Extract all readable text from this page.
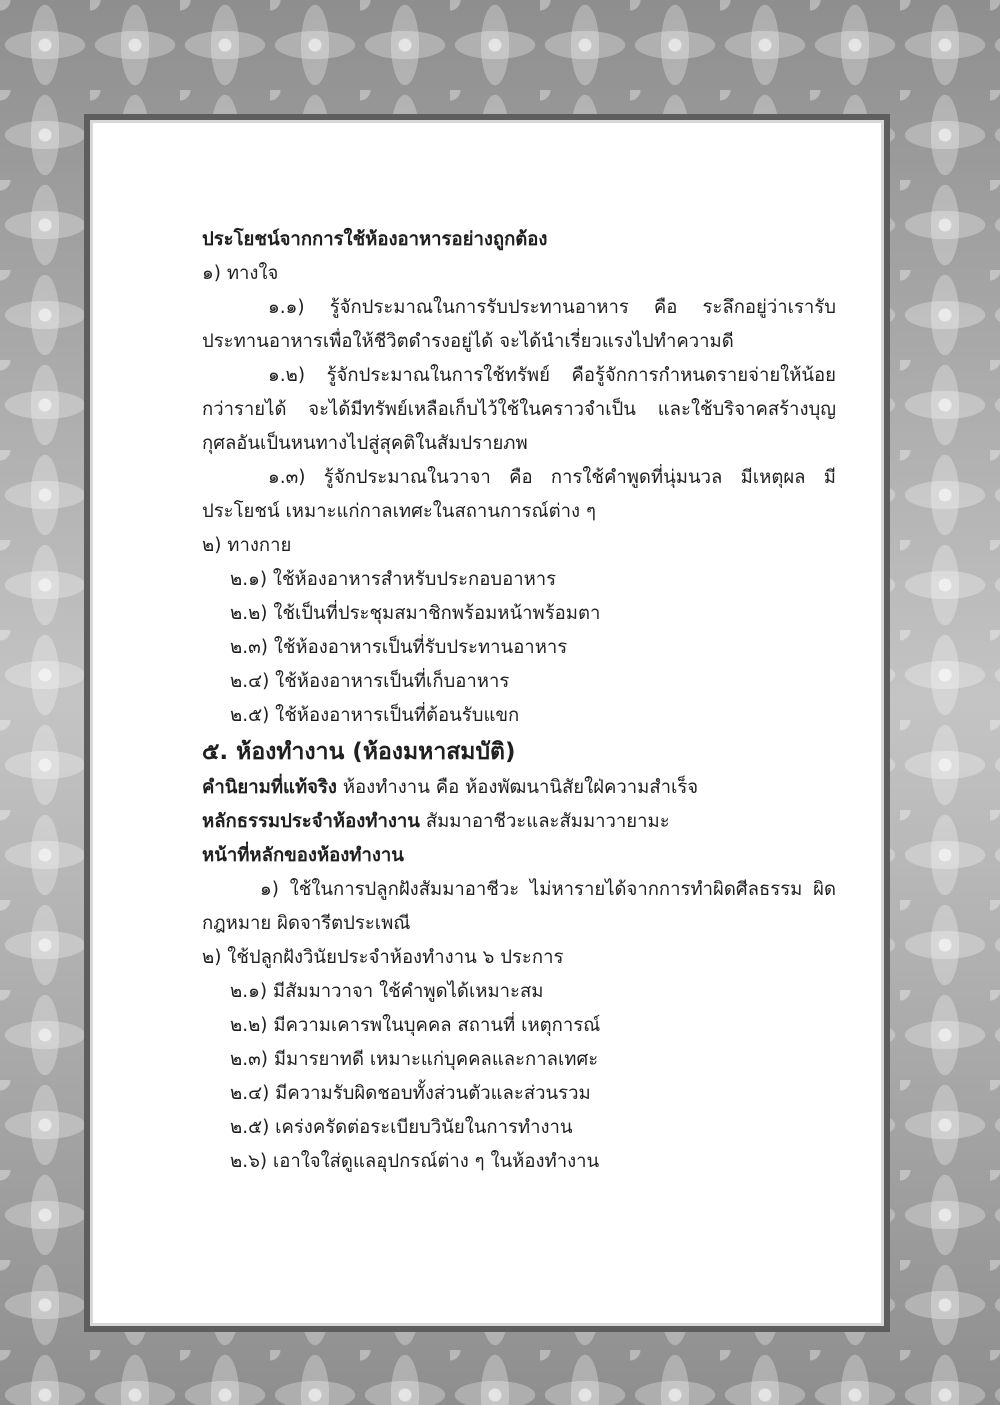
ประโยชน์จากการใช้ห้องอาหารอย่างถูกต้อง

๑) ทางใจ

๑.๑) รู้จักประมาณในการรับประทานอาหาร คือ ระลึกอยู่ว่าเรารับประทานอาหารเพื่อให้ชีวิตดำรงอยู่ได้ จะได้นำเรี่ยวแรงไปทำความดี

๑.๒) รู้จักประมาณในการใช้ทรัพย์ คือรู้จักการกำหนดรายจ่ายให้น้อยกว่ารายได้ จะได้มีทรัพย์เหลือเก็บไว้ใช้ในคราวจำเป็น และใช้บริจาคสร้างบุญกุศลอันเป็นหนทางไปสู่สุคติในสัมปรายภพ

๑.๓) รู้จักประมาณในวาจา คือ การใช้คำพูดที่นุ่มนวล มีเหตุผล มีประโยชน์ เหมาะแก่กาลเทศะในสถานการณ์ต่าง ๆ

๒) ทางกาย

๒.๑) ใช้ห้องอาหารสำหรับประกอบอาหาร

๒.๒) ใช้เป็นที่ประชุมสมาชิกพร้อมหน้าพร้อมตา

๒.๓) ใช้ห้องอาหารเป็นที่รับประทานอาหาร

๒.๔) ใช้ห้องอาหารเป็นที่เก็บอาหาร

๒.๕) ใช้ห้องอาหารเป็นที่ต้อนรับแขก

๕. ห้องทำงาน (ห้องมหาสมบัติ)

คำนิยามที่แท้จริง ห้องทำงาน คือ ห้องพัฒนานิสัยใฝ่ความสำเร็จ

หลักธรรมประจำห้องทำงาน สัมมาอาชีวะและสัมมาวายามะ

หน้าที่หลักของห้องทำงาน

๑) ใช้ในการปลูกฝังสัมมาอาชีวะ ไม่หารายได้จากการทำผิดศีลธรรม ผิดกฎหมาย ผิดจารีตประเพณี

๒) ใช้ปลูกฝังวินัยประจำห้องทำงาน ๖ ประการ

๒.๑) มีสัมมาวาจา ใช้คำพูดได้เหมาะสม

๒.๒) มีความเคารพในบุคคล สถานที่ เหตุการณ์

๒.๓) มีมารยาทดี เหมาะแก่บุคคลและกาลเทศะ

๒.๔) มีความรับผิดชอบทั้งส่วนตัวและส่วนรวม

๒.๕) เคร่งครัดต่อระเบียบวินัยในการทำงาน

๒.๖) เอาใจใส่ดูแลอุปกรณ์ต่าง ๆ ในห้องทำงาน
